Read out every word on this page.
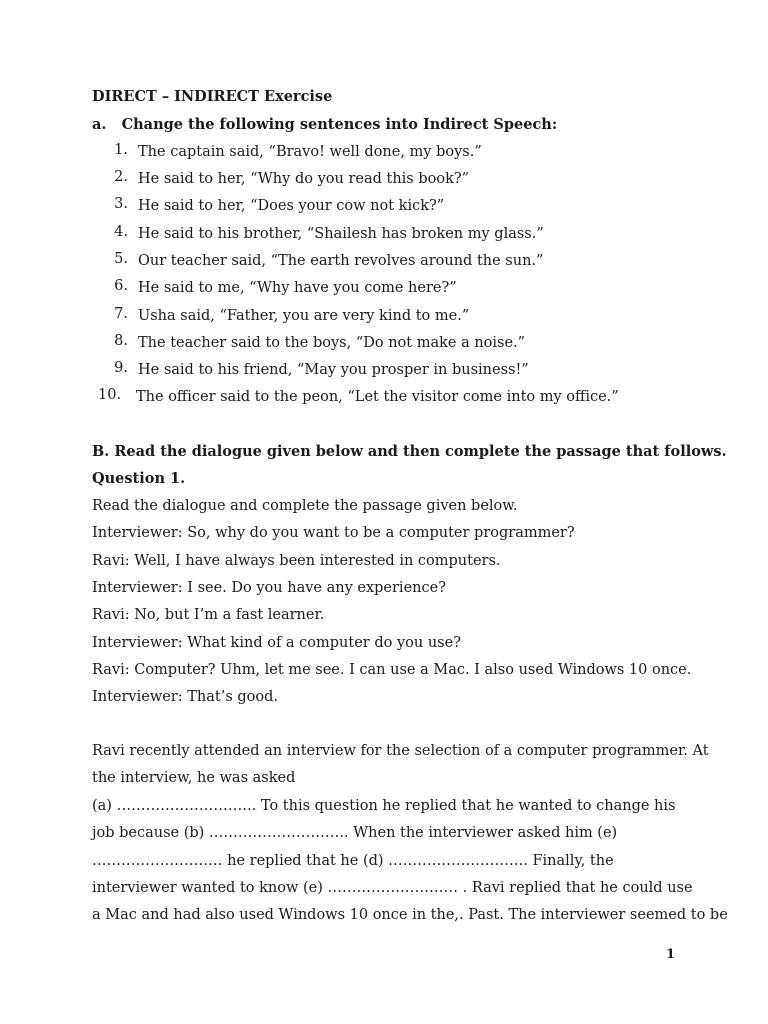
DIRECT – INDIRECT Exercise
a.   Change the following sentences into Indirect Speech:
1. The captain said, “Bravo! well done, my boys.”
2. He said to her, “Why do you read this book?”
3. He said to her, “Does your cow not kick?”
4. He said to his brother, “Shailesh has broken my glass.”
5. Our teacher said, “The earth revolves around the sun.”
6. He said to me, “Why have you come here?”
7. Usha said, “Father, you are very kind to me.”
8. The teacher said to the boys, “Do not make a noise.”
9. He said to his friend, “May you prosper in business!”
10. The officer said to the peon, “Let the visitor come into my office.”
B. Read the dialogue given below and then complete the passage that follows.
Question 1.
Read the dialogue and complete the passage given below.
Interviewer: So, why do you want to be a computer programmer?
Ravi: Well, I have always been interested in computers.
Interviewer: I see. Do you have any experience?
Ravi: No, but I’m a fast learner.
Interviewer: What kind of a computer do you use?
Ravi: Computer? Uhm, let me see. I can use a Mac. I also used Windows 10 once.
Interviewer: That’s good.
Ravi recently attended an interview for the selection of a computer programmer. At
the interview, he was asked
(a) ……………………….. To this question he replied that he wanted to change his
job because (b) ……………………….. When the interviewer asked him (e)
……………………… he replied that he (d) ……………………….. Finally, the
interviewer wanted to know (e) ……………………… . Ravi replied that he could use
a Mac and had also used Windows 10 once in the,. Past. The interviewer seemed to be
1
